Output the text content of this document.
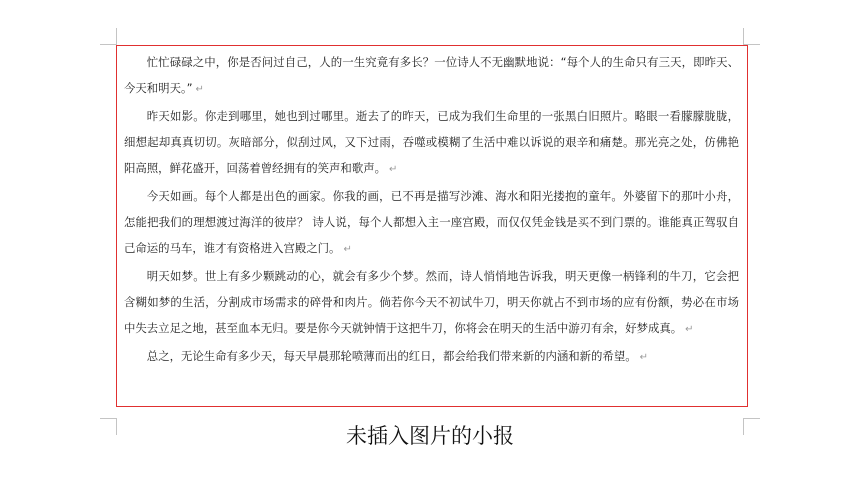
忙忙碌碌之中，你是否问过自己，人的一生究竟有多长？一位诗人不无幽默地说：“每个人的生命只有三天，即昨天、今天和明天。” ↵

昨天如影。你走到哪里，她也到过哪里。逝去了的昨天，已成为我们生命里的一张黑白旧照片。略眼一看朦朦胧胧，细想起却真真切切。灰暗部分，似刮过风，又下过雨，吞噬或模糊了生活中难以诉说的艰辛和痛楚。那光亮之处，仿佛艳阳高照，鲜花盛开，回荡着曾经拥有的笑声和歌声。 ↵

今天如画。每个人都是出色的画家。你我的画，已不再是描写沙滩、海水和阳光搂抱的童年。外婆留下的那叶小舟，怎能把我们的理想渡过海洋的彼岸？ 诗人说，每个人都想入主一座宫殿，而仅仅凭金钱是买不到门票的。谁能真正驾驭自己命运的马车，谁才有资格进入宫殿之门。 ↵

明天如梦。世上有多少颗跳动的心，就会有多少个梦。然而，诗人悄悄地告诉我，明天更像一柄锋利的牛刀，它会把含糊如梦的生活，分割成市场需求的碎骨和肉片。倘若你今天不初试牛刀，明天你就占不到市场的应有份额，势必在市场中失去立足之地，甚至血本无归。要是你今天就钟情于这把牛刀，你将会在明天的生活中游刃有余，好梦成真。 ↵

总之，无论生命有多少天，每天早晨那轮喷薄而出的红日，都会给我们带来新的内涵和新的希望。 ↵

未插入图片的小报
